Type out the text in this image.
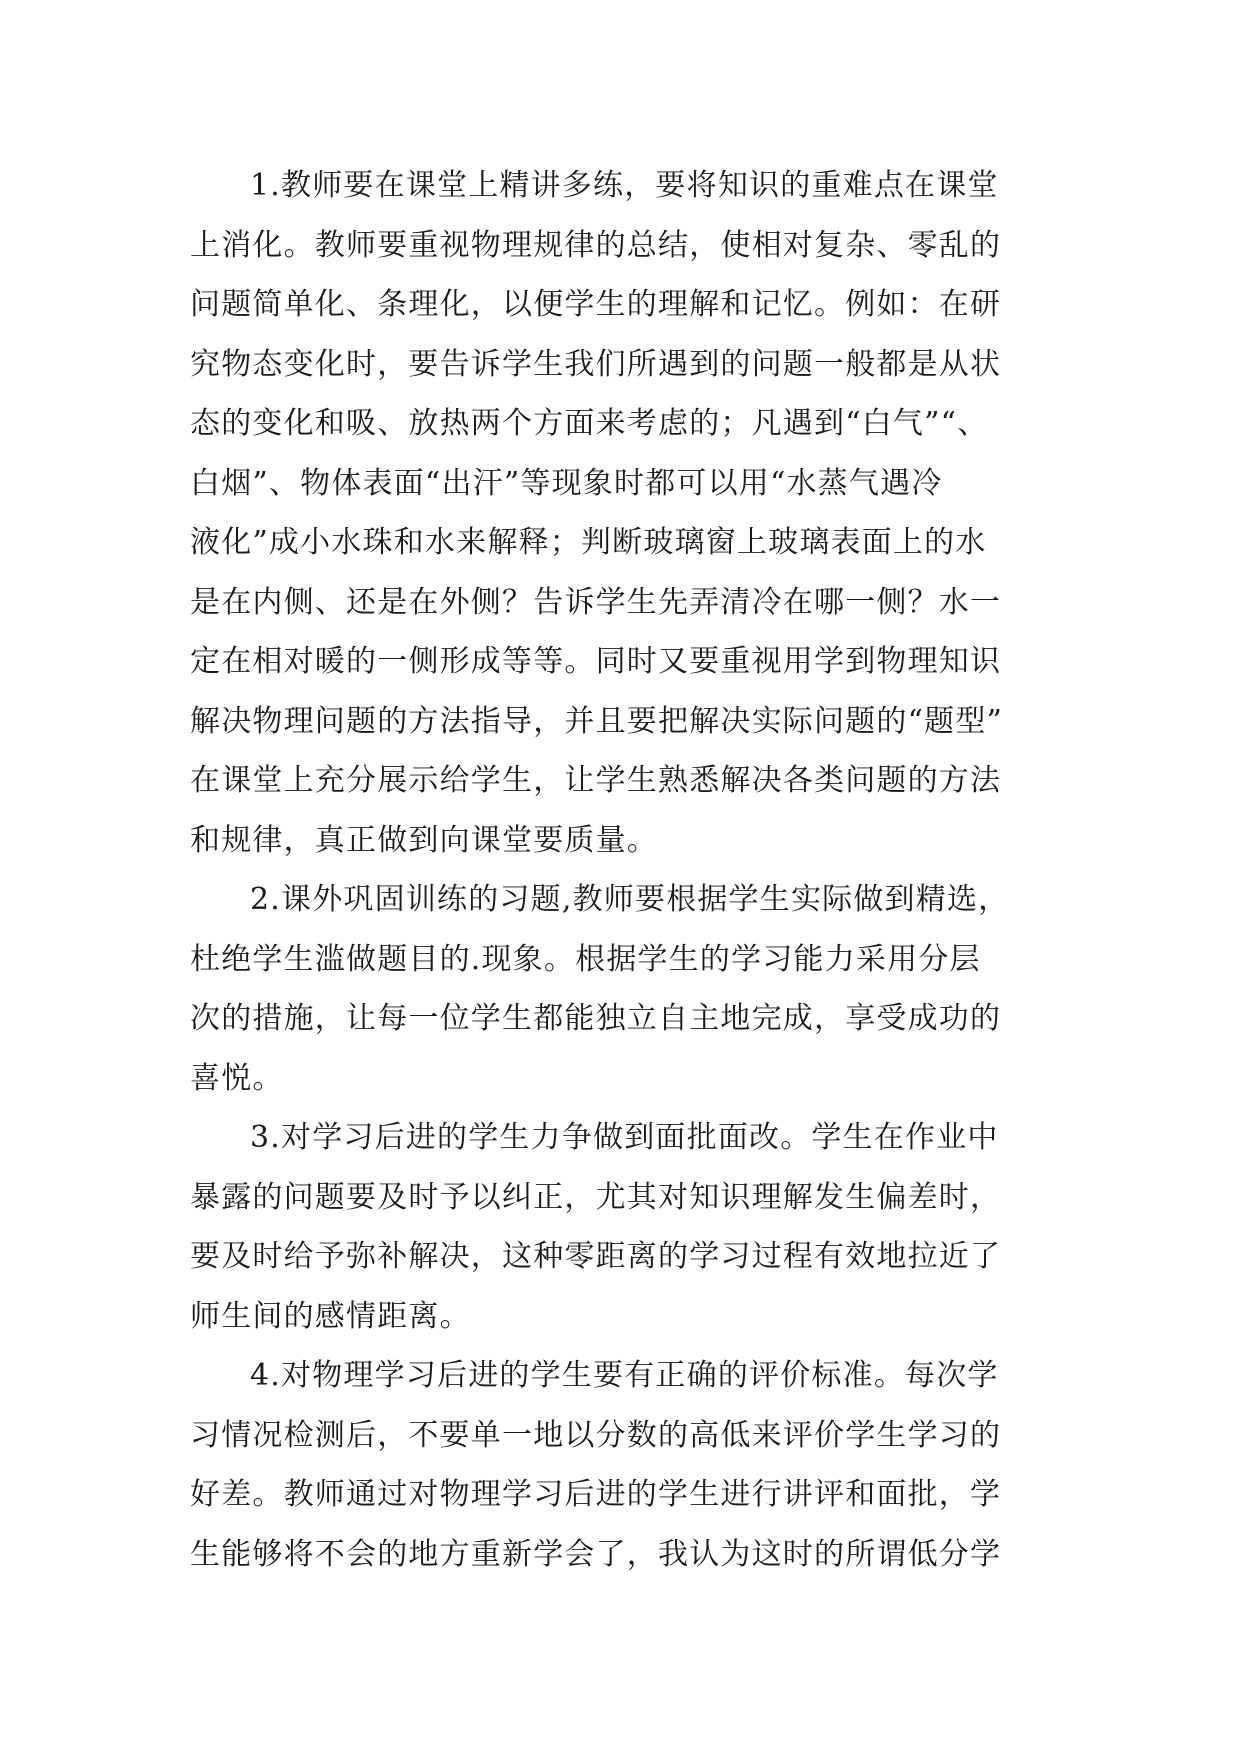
1.教师要在课堂上精讲多练，要将知识的重难点在课堂
上消化。教师要重视物理规律的总结，使相对复杂、零乱的
问题简单化、条理化，以便学生的理解和记忆。例如：在研
究物态变化时，要告诉学生我们所遇到的问题一般都是从状
态的变化和吸、放热两个方面来考虑的；凡遇到“白气”“、
白烟”、物体表面“出汗”等现象时都可以用“水蒸气遇冷
液化”成小水珠和水来解释；判断玻璃窗上玻璃表面上的水
是在内侧、还是在外侧？告诉学生先弄清冷在哪一侧？水一
定在相对暖的一侧形成等等。同时又要重视用学到物理知识
解决物理问题的方法指导，并且要把解决实际问题的“题型”
在课堂上充分展示给学生，让学生熟悉解决各类问题的方法
和规律，真正做到向课堂要质量。
2.课外巩固训练的习题,教师要根据学生实际做到精选，
杜绝学生滥做题目的.现象。根据学生的学习能力采用分层
次的措施，让每一位学生都能独立自主地完成，享受成功的
喜悦。
3.对学习后进的学生力争做到面批面改。学生在作业中
暴露的问题要及时予以纠正，尤其对知识理解发生偏差时，
要及时给予弥补解决，这种零距离的学习过程有效地拉近了
师生间的感情距离。
4.对物理学习后进的学生要有正确的评价标准。每次学
习情况检测后，不要单一地以分数的高低来评价学生学习的
好差。教师通过对物理学习后进的学生进行讲评和面批，学
生能够将不会的地方重新学会了，我认为这时的所谓低分学
